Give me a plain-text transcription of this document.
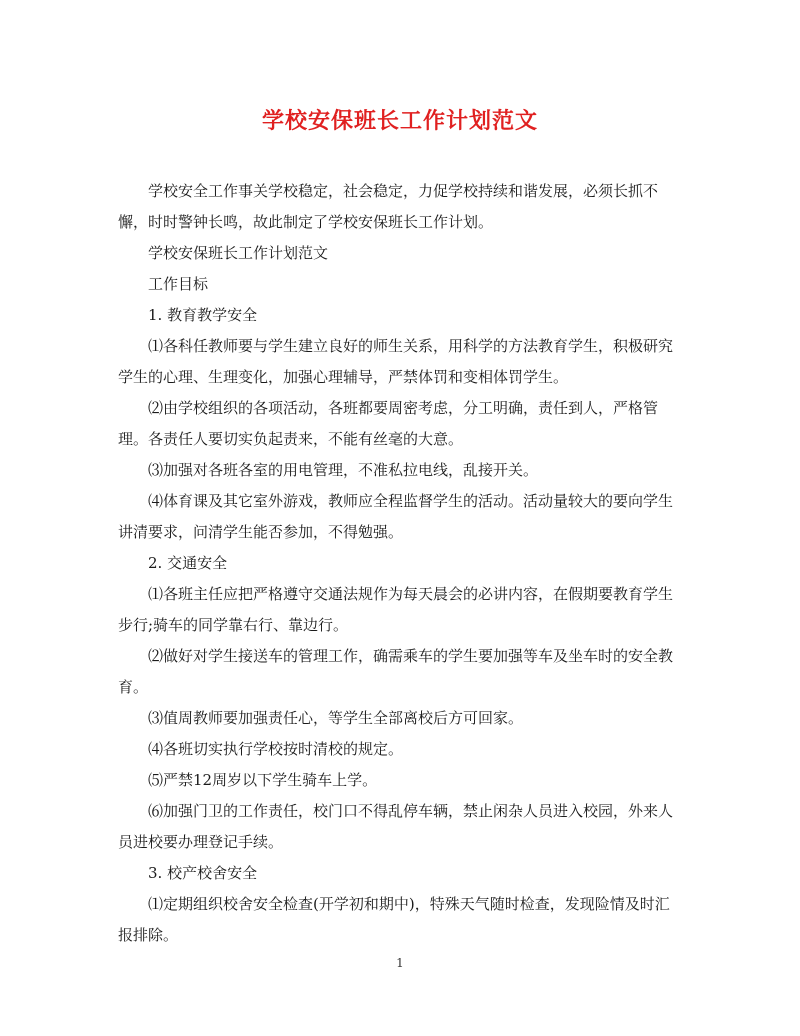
学校安保班长工作计划范文

学校安全工作事关学校稳定，社会稳定，力促学校持续和谐发展，必须长抓不懈，时时警钟长鸣，故此制定了学校安保班长工作计划。

学校安保班长工作计划范文

工作目标

1. 教育教学安全

⑴各科任教师要与学生建立良好的师生关系，用科学的方法教育学生，积极研究学生的心理、生理变化，加强心理辅导，严禁体罚和变相体罚学生。

⑵由学校组织的各项活动，各班都要周密考虑，分工明确，责任到人，严格管理。各责任人要切实负起责来，不能有丝毫的大意。

⑶加强对各班各室的用电管理，不准私拉电线，乱接开关。

⑷体育课及其它室外游戏，教师应全程监督学生的活动。活动量较大的要向学生讲清要求，问清学生能否参加，不得勉强。

2. 交通安全

⑴各班主任应把严格遵守交通法规作为每天晨会的必讲内容，在假期要教育学生步行;骑车的同学靠右行、靠边行。

⑵做好对学生接送车的管理工作，确需乘车的学生要加强等车及坐车时的安全教育。

⑶值周教师要加强责任心，等学生全部离校后方可回家。

⑷各班切实执行学校按时清校的规定。

⑸严禁12周岁以下学生骑车上学。

⑹加强门卫的工作责任，校门口不得乱停车辆，禁止闲杂人员进入校园，外来人员进校要办理登记手续。

3. 校产校舍安全

⑴定期组织校舍安全检查(开学初和期中)，特殊天气随时检查，发现险情及时汇报排除。

1
